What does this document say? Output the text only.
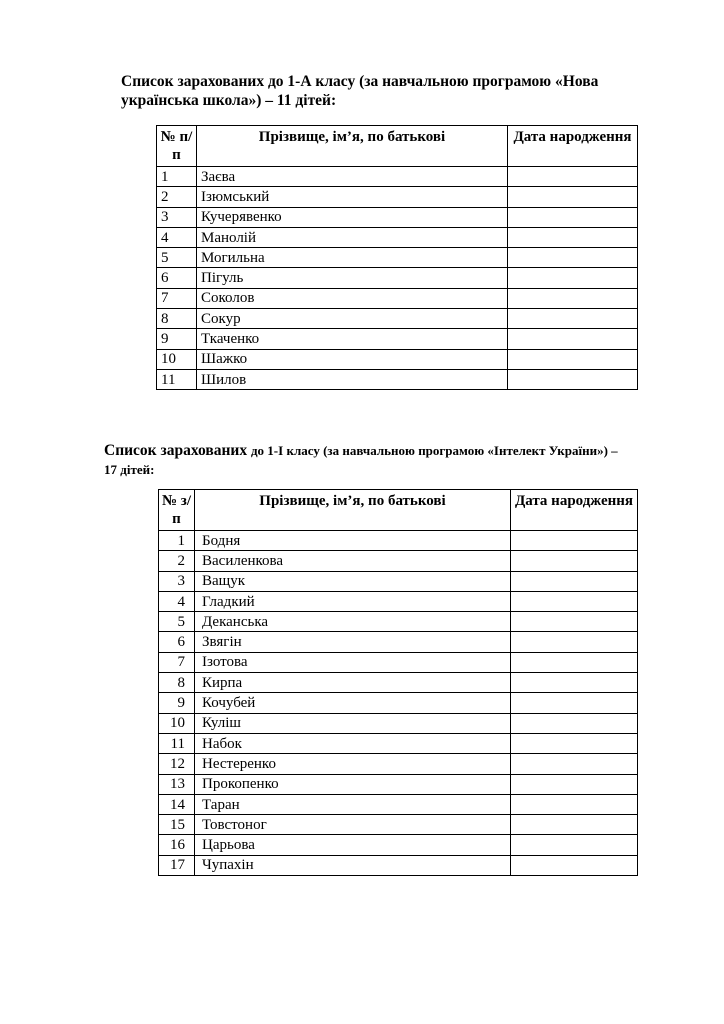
Список зарахованих до 1-А класу (за навчальною програмою «Нова
українська школа») – 11 дітей:

№ п/п	Прізвище, ім’я, по батькові	Дата народження
1	Заєва	
2	Ізюмський	
3	Кучерявенко	
4	Манолій	
5	Могильна	
6	Пігуль	
7	Соколов	
8	Сокур	
9	Ткаченко	
10	Шажко	
11	Шилов	

Список зарахованих до 1-І класу (за навчальною програмою «Інтелект України») –
17 дітей:

№ з/п	Прізвище, ім’я, по батькові	Дата народження
1	Бодня	
2	Василенкова	
3	Ващук	
4	Гладкий	
5	Деканська	
6	Звягін	
7	Ізотова	
8	Кирпа	
9	Кочубей	
10	Куліш	
11	Набок	
12	Нестеренко	
13	Прокопенко	
14	Таран	
15	Товстоног	
16	Царьова	
17	Чупахін	
